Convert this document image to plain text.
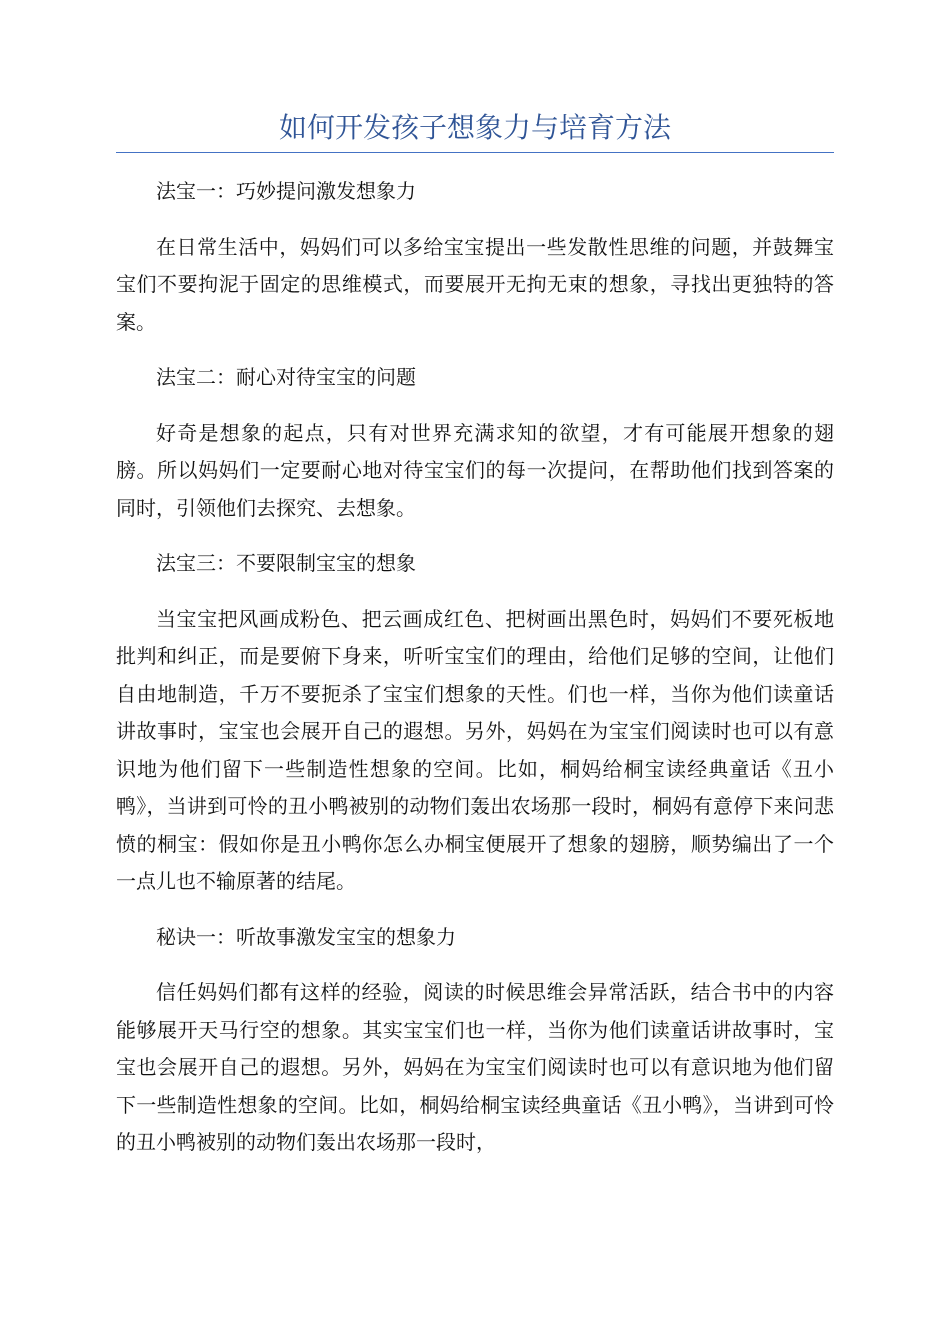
如何开发孩子想象力与培育方法

法宝一：巧妙提问激发想象力

在日常生活中，妈妈们可以多给宝宝提出一些发散性思维的问题，并鼓舞宝宝们不要拘泥于固定的思维模式，而要展开无拘无束的想象，寻找出更独特的答案。

法宝二：耐心对待宝宝的问题

好奇是想象的起点，只有对世界充满求知的欲望，才有可能展开想象的翅膀。所以妈妈们一定要耐心地对待宝宝们的每一次提问，在帮助他们找到答案的同时，引领他们去探究、去想象。

法宝三：不要限制宝宝的想象

当宝宝把风画成粉色、把云画成红色、把树画出黑色时，妈妈们不要死板地批判和纠正，而是要俯下身来，听听宝宝们的理由，给他们足够的空间，让他们自由地制造，千万不要扼杀了宝宝们想象的天性。们也一样，当你为他们读童话讲故事时，宝宝也会展开自己的遐想。另外，妈妈在为宝宝们阅读时也可以有意识地为他们留下一些制造性想象的空间。比如，桐妈给桐宝读经典童话《丑小鸭》，当讲到可怜的丑小鸭被别的动物们轰出农场那一段时，桐妈有意停下来问悲愤的桐宝：假如你是丑小鸭你怎么办桐宝便展开了想象的翅膀，顺势编出了一个一点儿也不输原著的结尾。

秘诀一：听故事激发宝宝的想象力

信任妈妈们都有这样的经验，阅读的时候思维会异常活跃，结合书中的内容能够展开天马行空的想象。其实宝宝们也一样，当你为他们读童话讲故事时，宝宝也会展开自己的遐想。另外，妈妈在为宝宝们阅读时也可以有意识地为他们留下一些制造性想象的空间。比如，桐妈给桐宝读经典童话《丑小鸭》，当讲到可怜的丑小鸭被别的动物们轰出农场那一段时，
